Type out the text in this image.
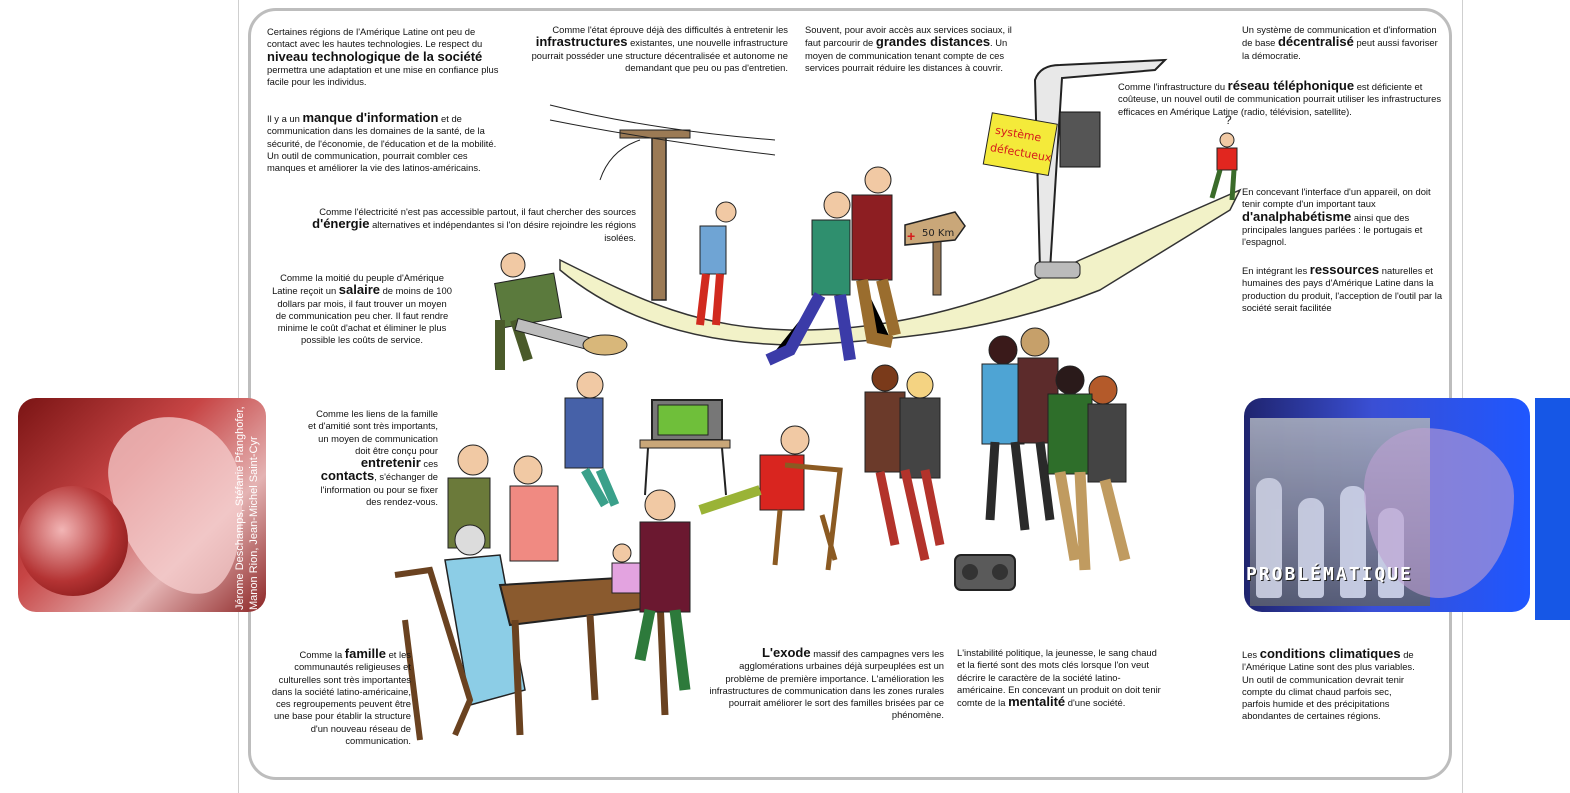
système
défectueux
50 Km
+
?
Jérome Deschamps, Stéfanie Pfanghofer, Manon Rion, Jean-Michel Saint-Cyr	PROBLÉMATIQUE
Certaines régions de l'Amérique Latine ont peu de contact avec les hautes technologies. Le respect du
niveau technologique de la société
permettra une adaptation et une mise en confiance plus facile pour les individus.
Il y a un manque d'information et de communication dans les domaines de la santé, de la sécurité, de l'économie, de l'éducation et de la mobilité. Un outil de communication, pourrait combler ces manques et améliorer la vie des latinos-américains.
Comme l'électricité n'est pas accessible partout, il faut chercher des sources
d'énergie alternatives et indépendantes si l'on désire rejoindre les régions isolées.
Comme la moitié du peuple d'Amérique Latine reçoit un salaire de moins de 100 dollars par mois, il faut trouver un moyen de communication peu cher. Il faut rendre minime le coût d'achat et éliminer le plus possible les coûts de service.
Comme les liens de la famille et d'amitié sont très importants, un moyen de communication doit être conçu pour entretenir ces contacts, s'échanger de l'information ou pour se fixer des rendez-vous.
Comme la famille et les communautés religieuses et culturelles sont très importantes dans la société latino-américaine, ces regroupements peuvent être une base pour établir la structure d'un nouveau réseau de communication.
Comme l'état éprouve déjà des difficultés à entretenir les
infrastructures existantes, une nouvelle infrastructure pourrait posséder une structure décentralisée et autonome ne demandant que peu ou pas d'entretien.
Souvent, pour avoir accès aux services sociaux, il faut parcourir de grandes distances. Un moyen de communication tenant compte de ces services pourrait réduire les distances à couvrir.
L'exode massif des campagnes vers les agglomérations urbaines déjà surpeuplées est un problème de première importance. L'amélioration les infrastructures de communication dans les zones rurales pourrait améliorer le sort des familles brisées par ce phénomène.
L'instabilité politique, la jeunesse, le sang chaud et la fierté sont des mots clés lorsque l'on veut décrire le caractère de la société latino-américaine. En concevant un produit on doit tenir comte de la mentalité d'une société.
Un système de communication et d'information de base décentralisé peut aussi favoriser la démocratie.
Comme l'infrastructure du réseau téléphonique est déficiente et coûteuse, un nouvel outil de communication pourrait utiliser les infrastructures efficaces en Amérique Latine (radio, télévision, satellite).
En concevant l'interface d'un appareil, on doit tenir compte d'un important taux d'analphabétisme ainsi que des principales langues parlées : le portugais et l'espagnol.
En intégrant les ressources naturelles et humaines des pays d'Amérique Latine dans la production du produit, l'acception de l'outil par la société serait facilitée
Les conditions climatiques de l'Amérique Latine sont des plus variables. Un outil de communication devrait tenir compte du climat chaud parfois sec, parfois humide et des précipitations abondantes de certaines régions.
